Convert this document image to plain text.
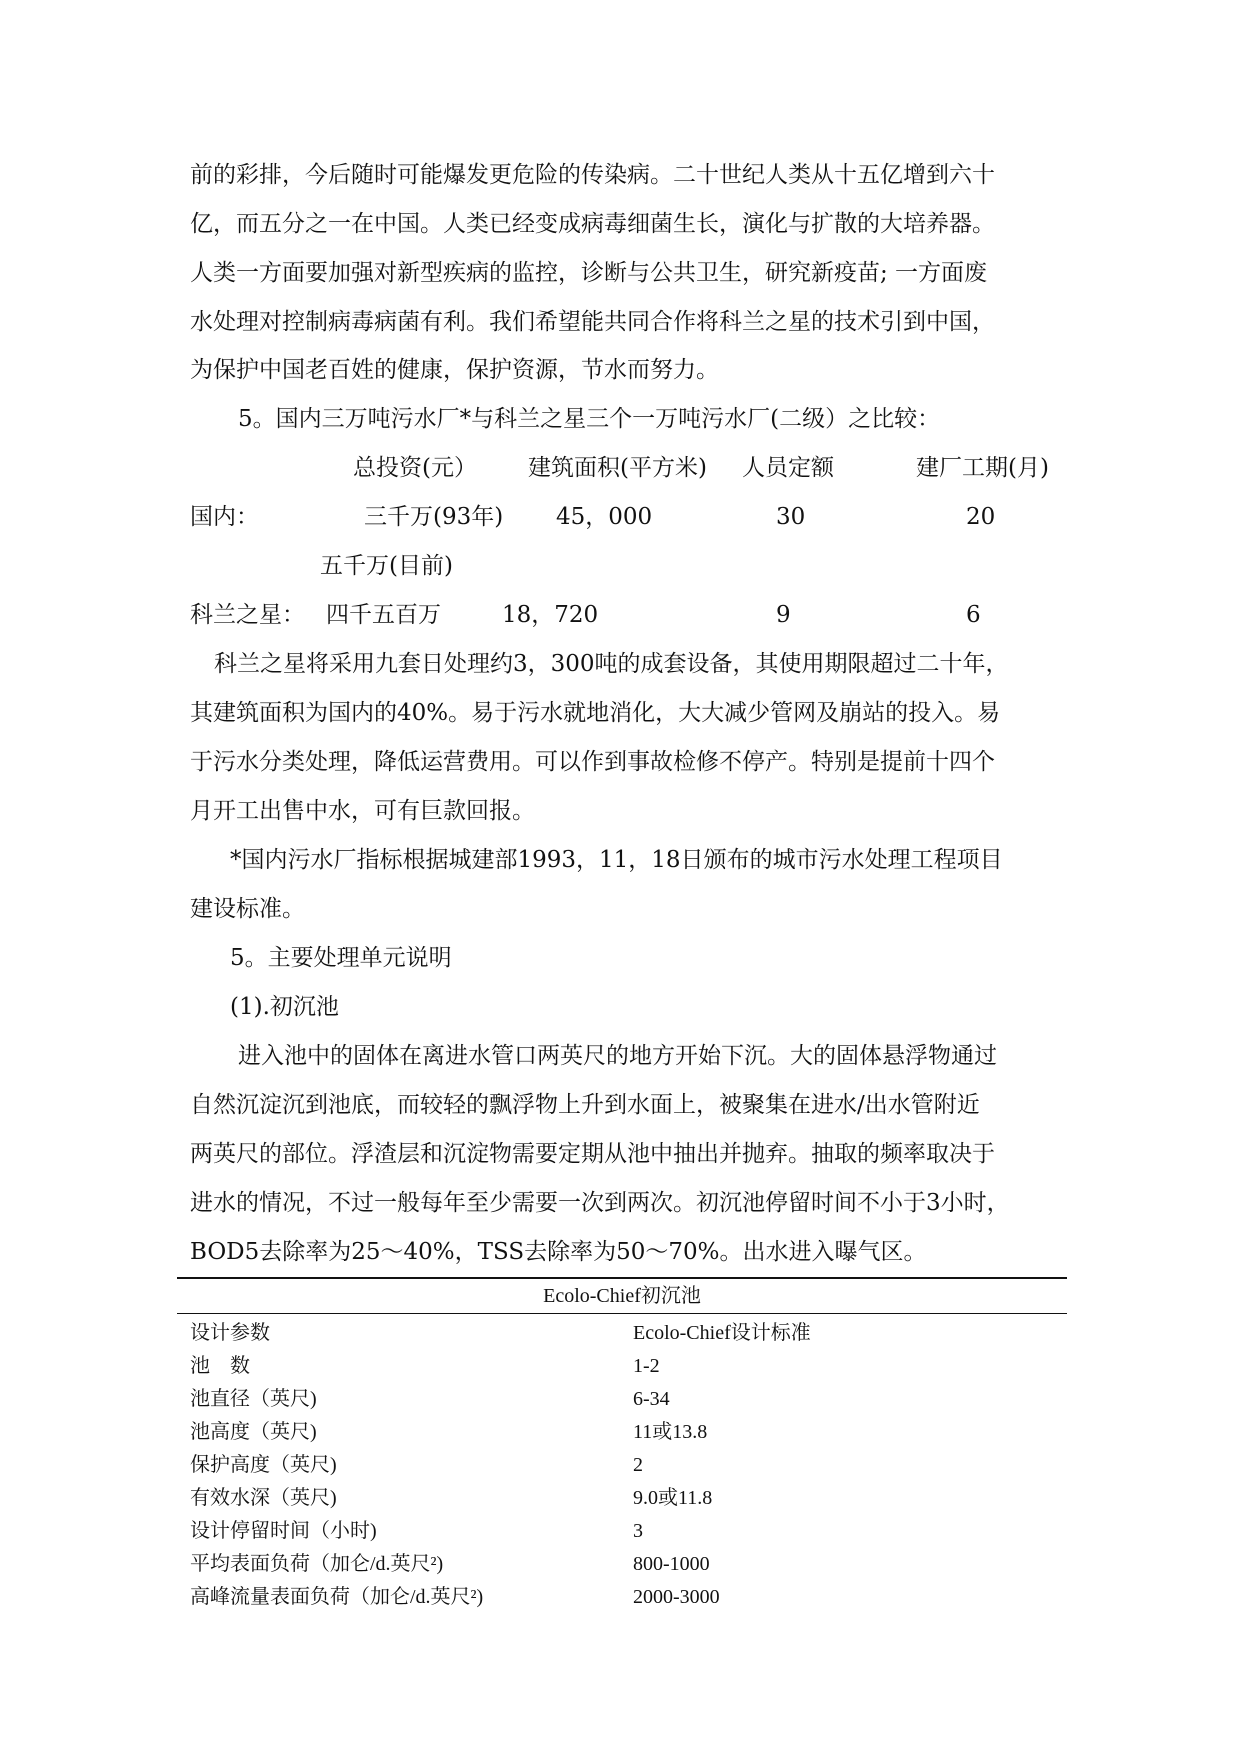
前的彩排，今后随时可能爆发更危险的传染病。二十世纪人类从十五亿增到六十
亿，而五分之一在中国。人类已经变成病毒细菌生长，演化与扩散的大培养器。
人类一方面要加强对新型疾病的监控，诊断与公共卫生，研究新疫苗; 一方面废
水处理对控制病毒病菌有利。我们希望能共同合作将科兰之星的技术引到中国，
为保护中国老百姓的健康，保护资源，节水而努力。
5。国内三万吨污水厂*与科兰之星三个一万吨污水厂(二级）之比较：
总投资(元） 建筑面积(平方米) 人员定额	建厂工期(月)
国内：	三千万(93年) 45，000	30	20
五千万(目前)
科兰之星： 四千五百万	18，720	9	6
科兰之星将采用九套日处理约3，300吨的成套设备，其使用期限超过二十年，
其建筑面积为国内的40%。易于污水就地消化，大大减少管网及崩站的投入。易
于污水分类处理，降低运营费用。可以作到事故检修不停产。特别是提前十四个
月开工出售中水，可有巨款回报。
*国内污水厂指标根据城建部1993，11，18日颁布的城市污水处理工程项目
建设标准。
5。主要处理单元说明
(1).初沉池
进入池中的固体在离进水管口两英尺的地方开始下沉。大的固体悬浮物通过
自然沉淀沉到池底，而较轻的飘浮物上升到水面上，被聚集在进水/出水管附近
两英尺的部位。浮渣层和沉淀物需要定期从池中抽出并抛弃。抽取的频率取决于
进水的情况，不过一般每年至少需要一次到两次。初沉池停留时间不小于3小时，
BOD5去除率为25～40%，TSS去除率为50～70%。出水进入曝气区。
Ecolo-Chief初沉池
设计参数	Ecolo-Chief设计标准
池　数	1-2
池直径（英尺)	6-34
池高度（英尺)	11或13.8
保护高度（英尺)	2
有效水深（英尺)	9.0或11.8
设计停留时间（小时)	3
平均表面负荷（加仑/d.英尺²)	800-1000
高峰流量表面负荷（加仑/d.英尺²)	2000-3000
